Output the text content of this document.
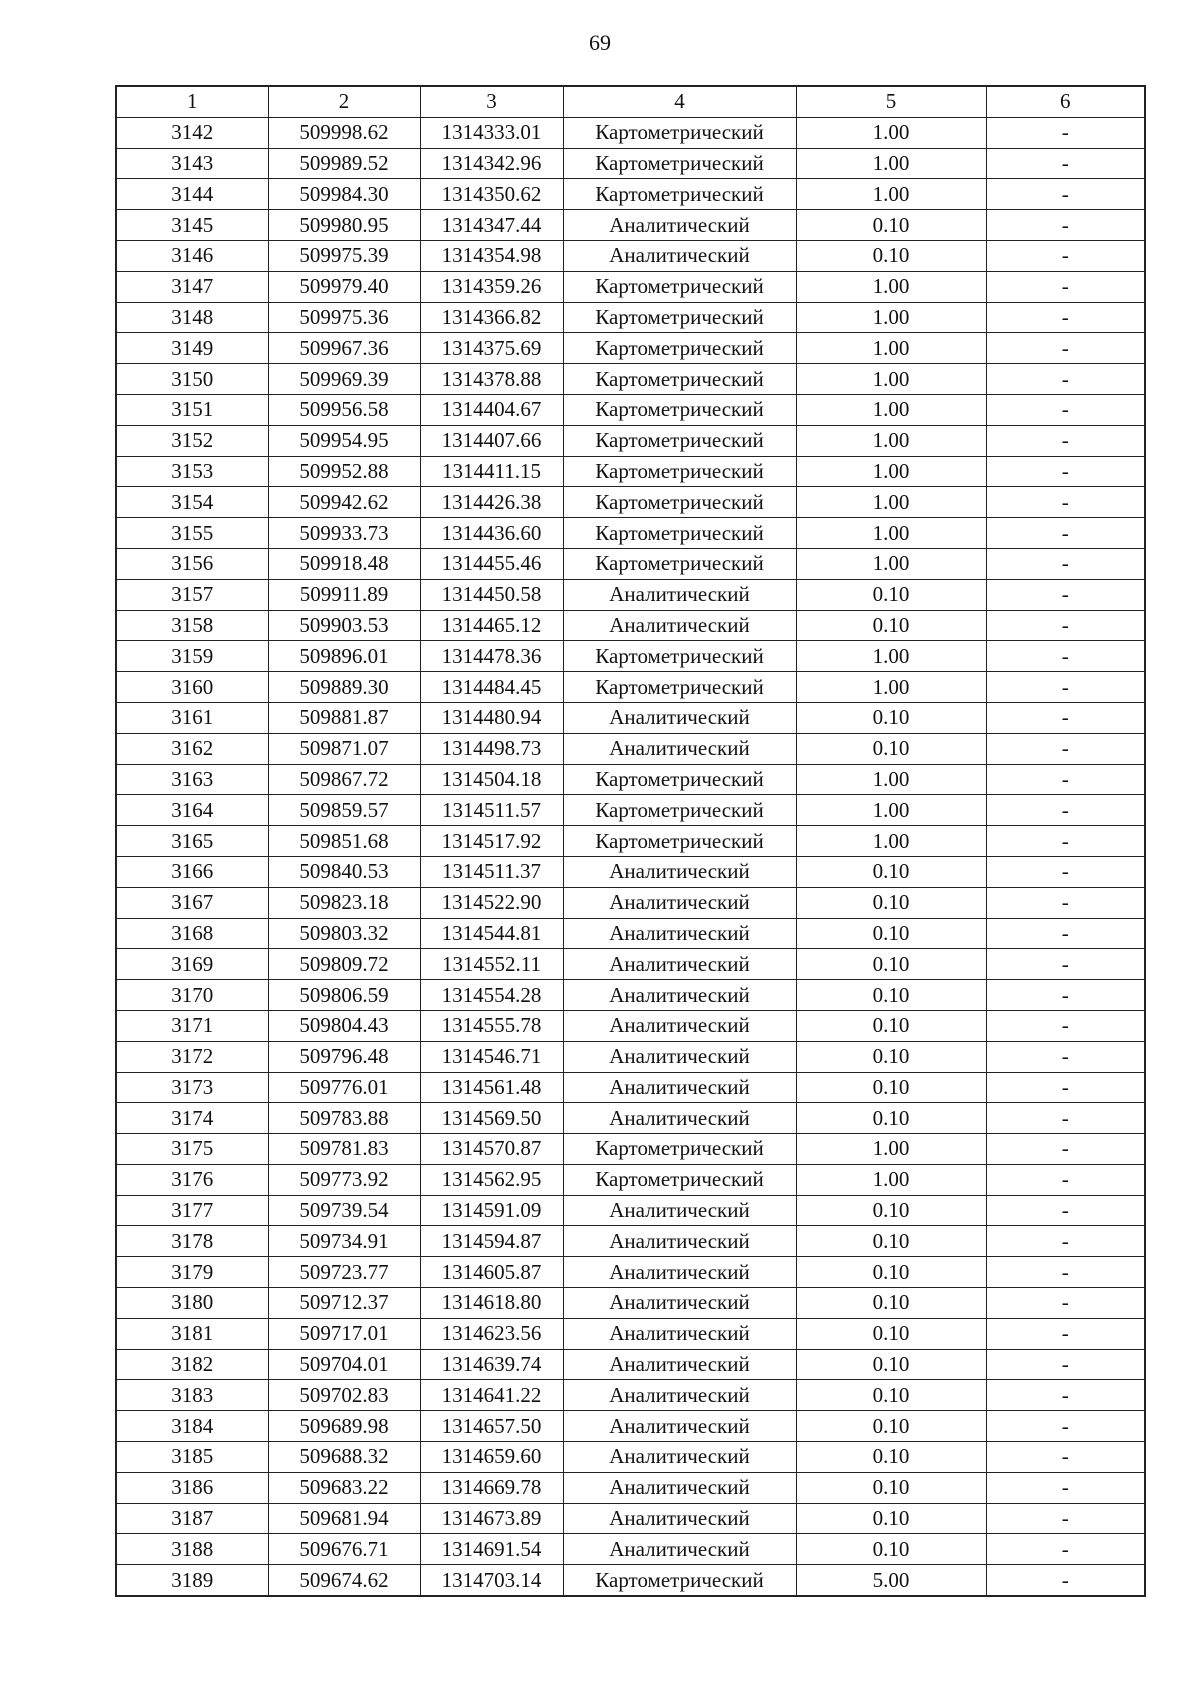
69
1	2	3	4	5	6
3142	509998.62	1314333.01	Картометрический	1.00	-
3143	509989.52	1314342.96	Картометрический	1.00	-
3144	509984.30	1314350.62	Картометрический	1.00	-
3145	509980.95	1314347.44	Аналитический	0.10	-
3146	509975.39	1314354.98	Аналитический	0.10	-
3147	509979.40	1314359.26	Картометрический	1.00	-
3148	509975.36	1314366.82	Картометрический	1.00	-
3149	509967.36	1314375.69	Картометрический	1.00	-
3150	509969.39	1314378.88	Картометрический	1.00	-
3151	509956.58	1314404.67	Картометрический	1.00	-
3152	509954.95	1314407.66	Картометрический	1.00	-
3153	509952.88	1314411.15	Картометрический	1.00	-
3154	509942.62	1314426.38	Картометрический	1.00	-
3155	509933.73	1314436.60	Картометрический	1.00	-
3156	509918.48	1314455.46	Картометрический	1.00	-
3157	509911.89	1314450.58	Аналитический	0.10	-
3158	509903.53	1314465.12	Аналитический	0.10	-
3159	509896.01	1314478.36	Картометрический	1.00	-
3160	509889.30	1314484.45	Картометрический	1.00	-
3161	509881.87	1314480.94	Аналитический	0.10	-
3162	509871.07	1314498.73	Аналитический	0.10	-
3163	509867.72	1314504.18	Картометрический	1.00	-
3164	509859.57	1314511.57	Картометрический	1.00	-
3165	509851.68	1314517.92	Картометрический	1.00	-
3166	509840.53	1314511.37	Аналитический	0.10	-
3167	509823.18	1314522.90	Аналитический	0.10	-
3168	509803.32	1314544.81	Аналитический	0.10	-
3169	509809.72	1314552.11	Аналитический	0.10	-
3170	509806.59	1314554.28	Аналитический	0.10	-
3171	509804.43	1314555.78	Аналитический	0.10	-
3172	509796.48	1314546.71	Аналитический	0.10	-
3173	509776.01	1314561.48	Аналитический	0.10	-
3174	509783.88	1314569.50	Аналитический	0.10	-
3175	509781.83	1314570.87	Картометрический	1.00	-
3176	509773.92	1314562.95	Картометрический	1.00	-
3177	509739.54	1314591.09	Аналитический	0.10	-
3178	509734.91	1314594.87	Аналитический	0.10	-
3179	509723.77	1314605.87	Аналитический	0.10	-
3180	509712.37	1314618.80	Аналитический	0.10	-
3181	509717.01	1314623.56	Аналитический	0.10	-
3182	509704.01	1314639.74	Аналитический	0.10	-
3183	509702.83	1314641.22	Аналитический	0.10	-
3184	509689.98	1314657.50	Аналитический	0.10	-
3185	509688.32	1314659.60	Аналитический	0.10	-
3186	509683.22	1314669.78	Аналитический	0.10	-
3187	509681.94	1314673.89	Аналитический	0.10	-
3188	509676.71	1314691.54	Аналитический	0.10	-
3189	509674.62	1314703.14	Картометрический	5.00	-
